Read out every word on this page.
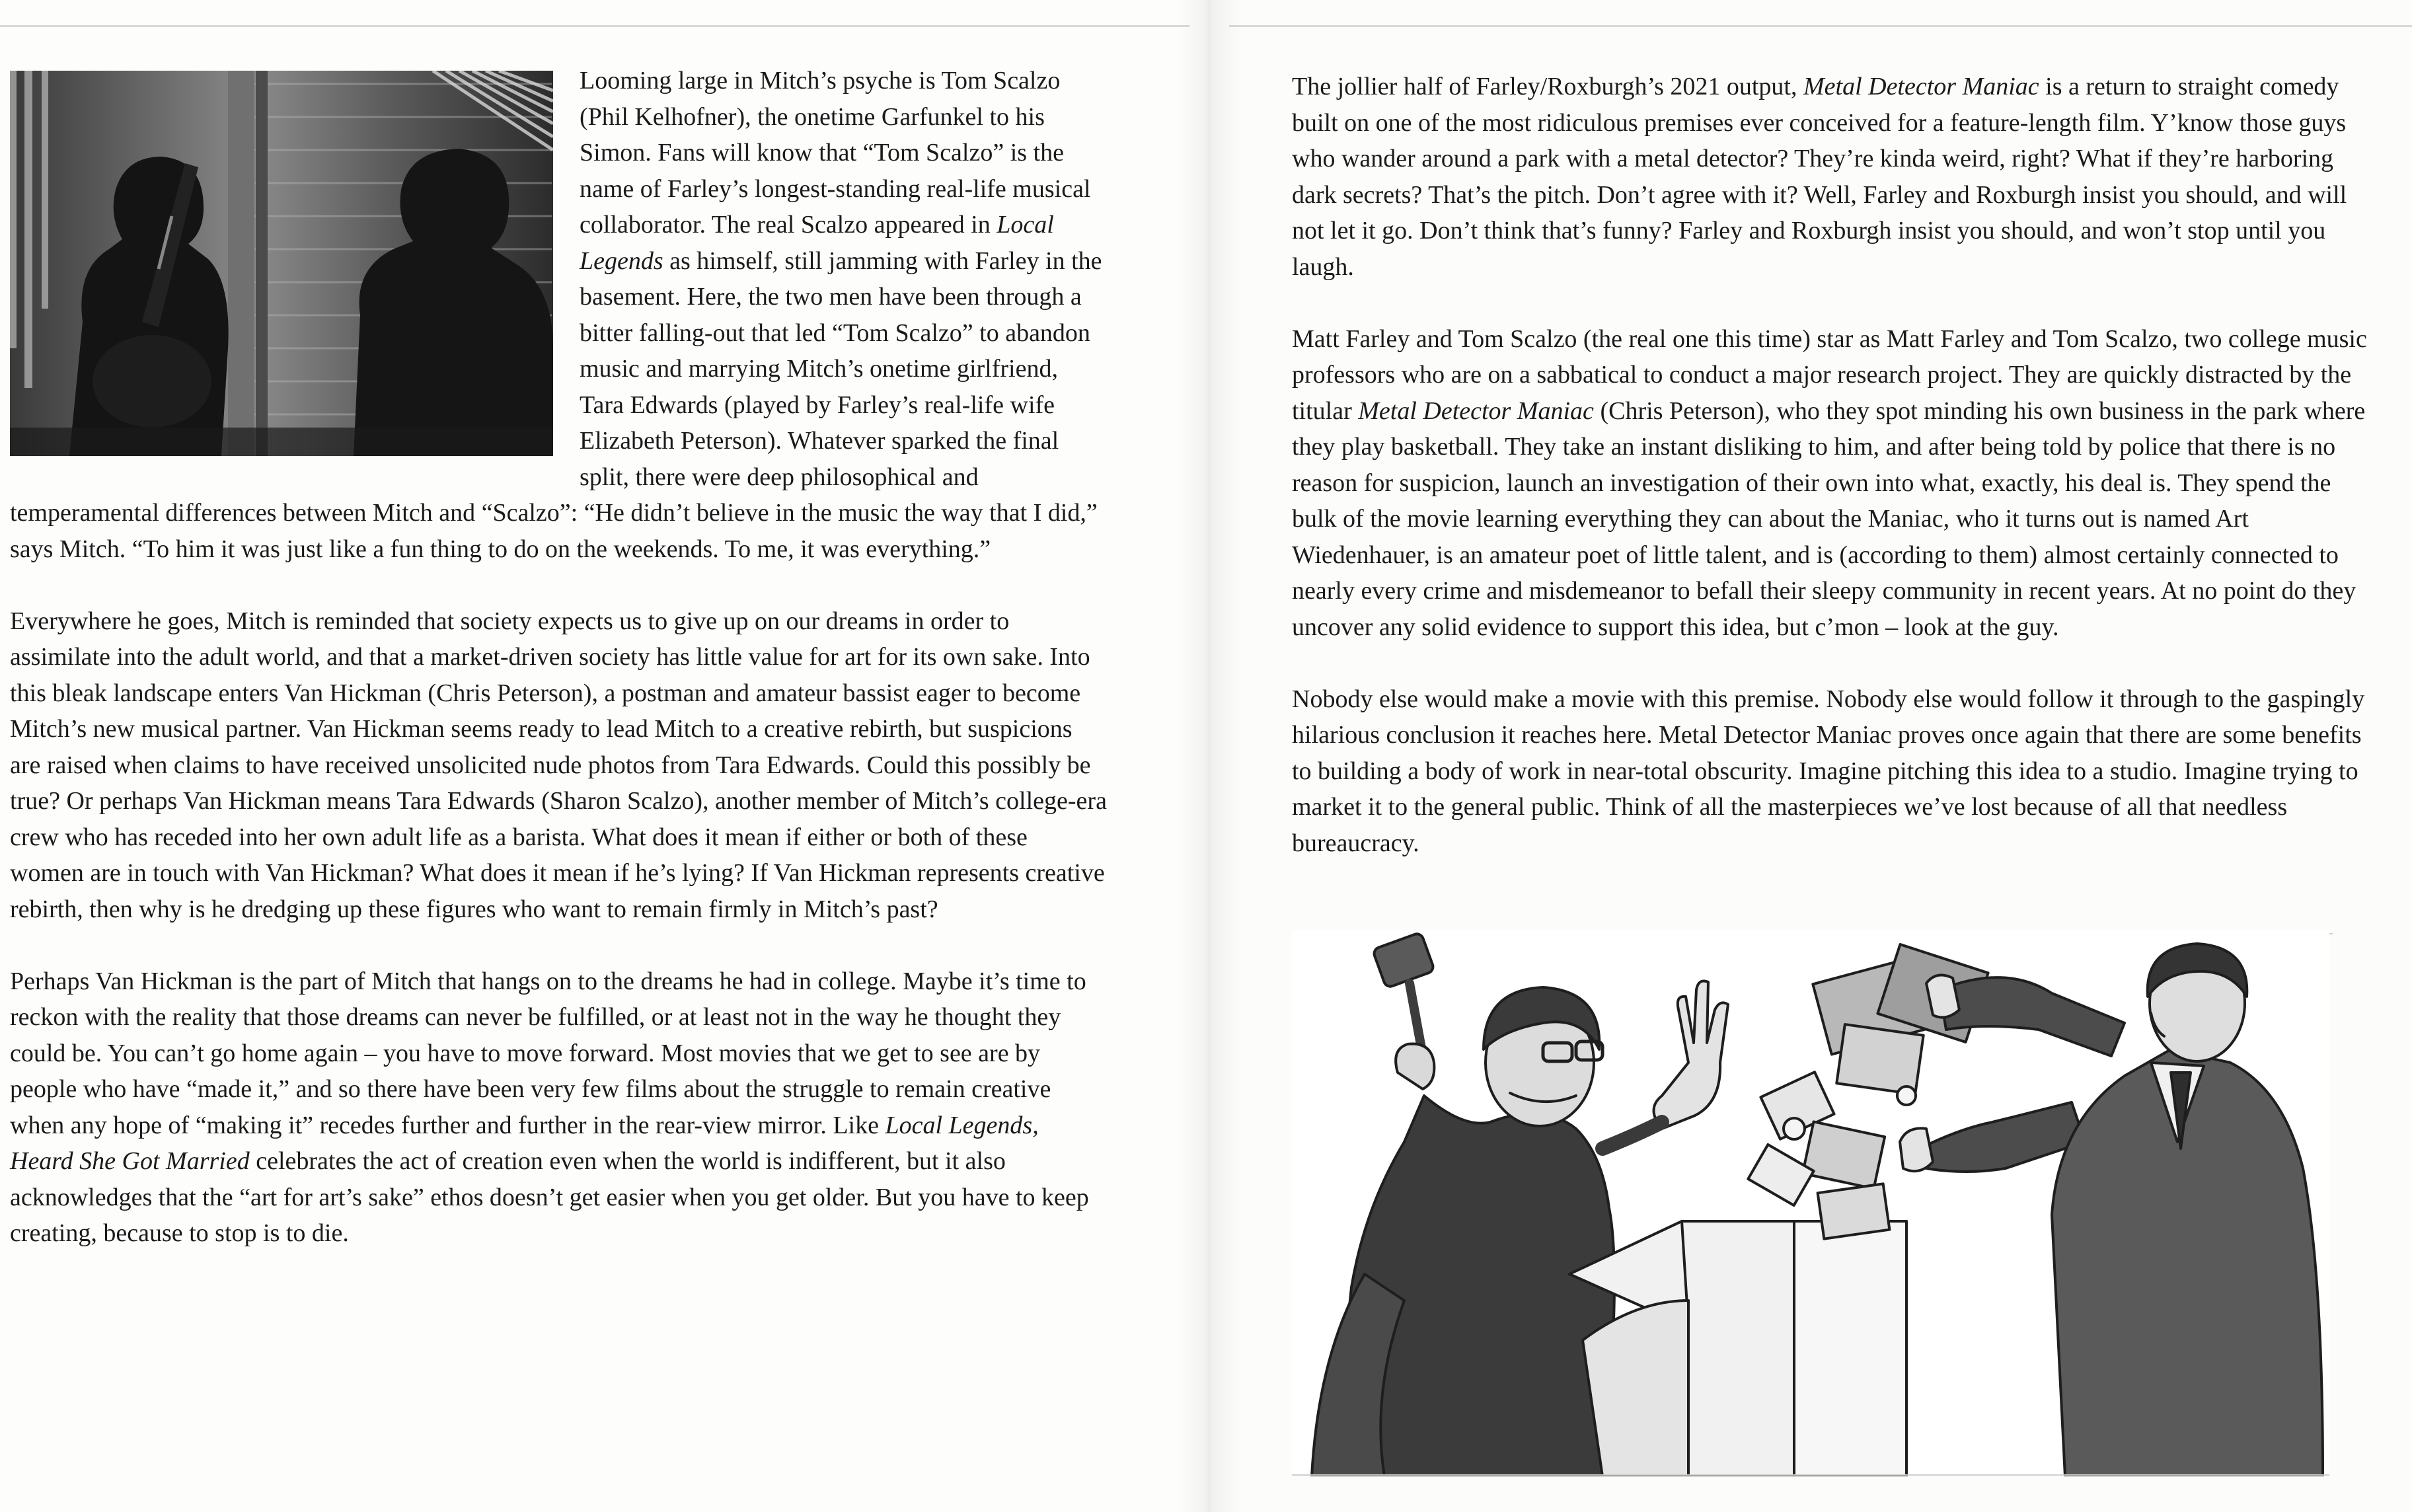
Looming large in Mitch’s psyche is Tom Scalzo (Phil Kelhofner), the onetime Garfunkel to his Simon. Fans will know that “Tom Scalzo” is the name of Farley’s longest-standing real-life musical collaborator. The real Scalzo appeared in Local Legends as himself, still jamming with Farley in the basement. Here, the two men have been through a bitter falling-out that led “Tom Scalzo” to abandon music and marrying Mitch’s onetime girlfriend, Tara Edwards (played by Farley’s real-life wife Elizabeth Peterson). Whatever sparked the final split, there were deep philosophical and temperamental differences between Mitch and “Scalzo”: “He didn’t believe in the music the way that I did,” says Mitch. “To him it was just like a fun thing to do on the weekends. To me, it was everything.”

Everywhere he goes, Mitch is reminded that society expects us to give up on our dreams in order to assimilate into the adult world, and that a market-driven society has little value for art for its own sake. Into this bleak landscape enters Van Hickman (Chris Peterson), a postman and amateur bassist eager to become Mitch’s new musical partner. Van Hickman seems ready to lead Mitch to a creative rebirth, but suspicions are raised when claims to have received unsolicited nude photos from Tara Edwards. Could this possibly be true? Or perhaps Van Hickman means Tara Edwards (Sharon Scalzo), another member of Mitch’s college-era crew who has receded into her own adult life as a barista. What does it mean if either or both of these women are in touch with Van Hickman? What does it mean if he’s lying? If Van Hickman represents creative rebirth, then why is he dredging up these figures who want to remain firmly in Mitch’s past?

Perhaps Van Hickman is the part of Mitch that hangs on to the dreams he had in college. Maybe it’s time to reckon with the reality that those dreams can never be fulfilled, or at least not in the way he thought they could be. You can’t go home again – you have to move forward. Most movies that we get to see are by people who have “made it,” and so there have been very few films about the struggle to remain creative when any hope of “making it” recedes further and further in the rear-view mirror. Like Local Legends, Heard She Got Married celebrates the act of creation even when the world is indifferent, but it also acknowledges that the “art for art’s sake” ethos doesn’t get easier when you get older. But you have to keep creating, because to stop is to die.

The jollier half of Farley/Roxburgh’s 2021 output, Metal Detector Maniac is a return to straight comedy built on one of the most ridiculous premises ever conceived for a feature-length film. Y’know those guys who wander around a park with a metal detector? They’re kinda weird, right? What if they’re harboring dark secrets? That’s the pitch. Don’t agree with it? Well, Farley and Roxburgh insist you should, and will not let it go. Don’t think that’s funny? Farley and Roxburgh insist you should, and won’t stop until you laugh.

Matt Farley and Tom Scalzo (the real one this time) star as Matt Farley and Tom Scalzo, two college music professors who are on a sabbatical to conduct a major research project. They are quickly distracted by the titular Metal Detector Maniac (Chris Peterson), who they spot minding his own business in the park where they play basketball. They take an instant disliking to him, and after being told by police that there is no reason for suspicion, launch an investigation of their own into what, exactly, his deal is. They spend the bulk of the movie learning everything they can about the Maniac, who it turns out is named Art Wiedenhauer, is an amateur poet of little talent, and is (according to them) almost certainly connected to nearly every crime and misdemeanor to befall their sleepy community in recent years. At no point do they uncover any solid evidence to support this idea, but c’mon – look at the guy.

Nobody else would make a movie with this premise. Nobody else would follow it through to the gaspingly hilarious conclusion it reaches here. Metal Detector Maniac proves once again that there are some benefits to building a body of work in near-total obscurity. Imagine pitching this idea to a studio. Imagine trying to market it to the general public. Think of all the masterpieces we’ve lost because of all that needless bureaucracy.
